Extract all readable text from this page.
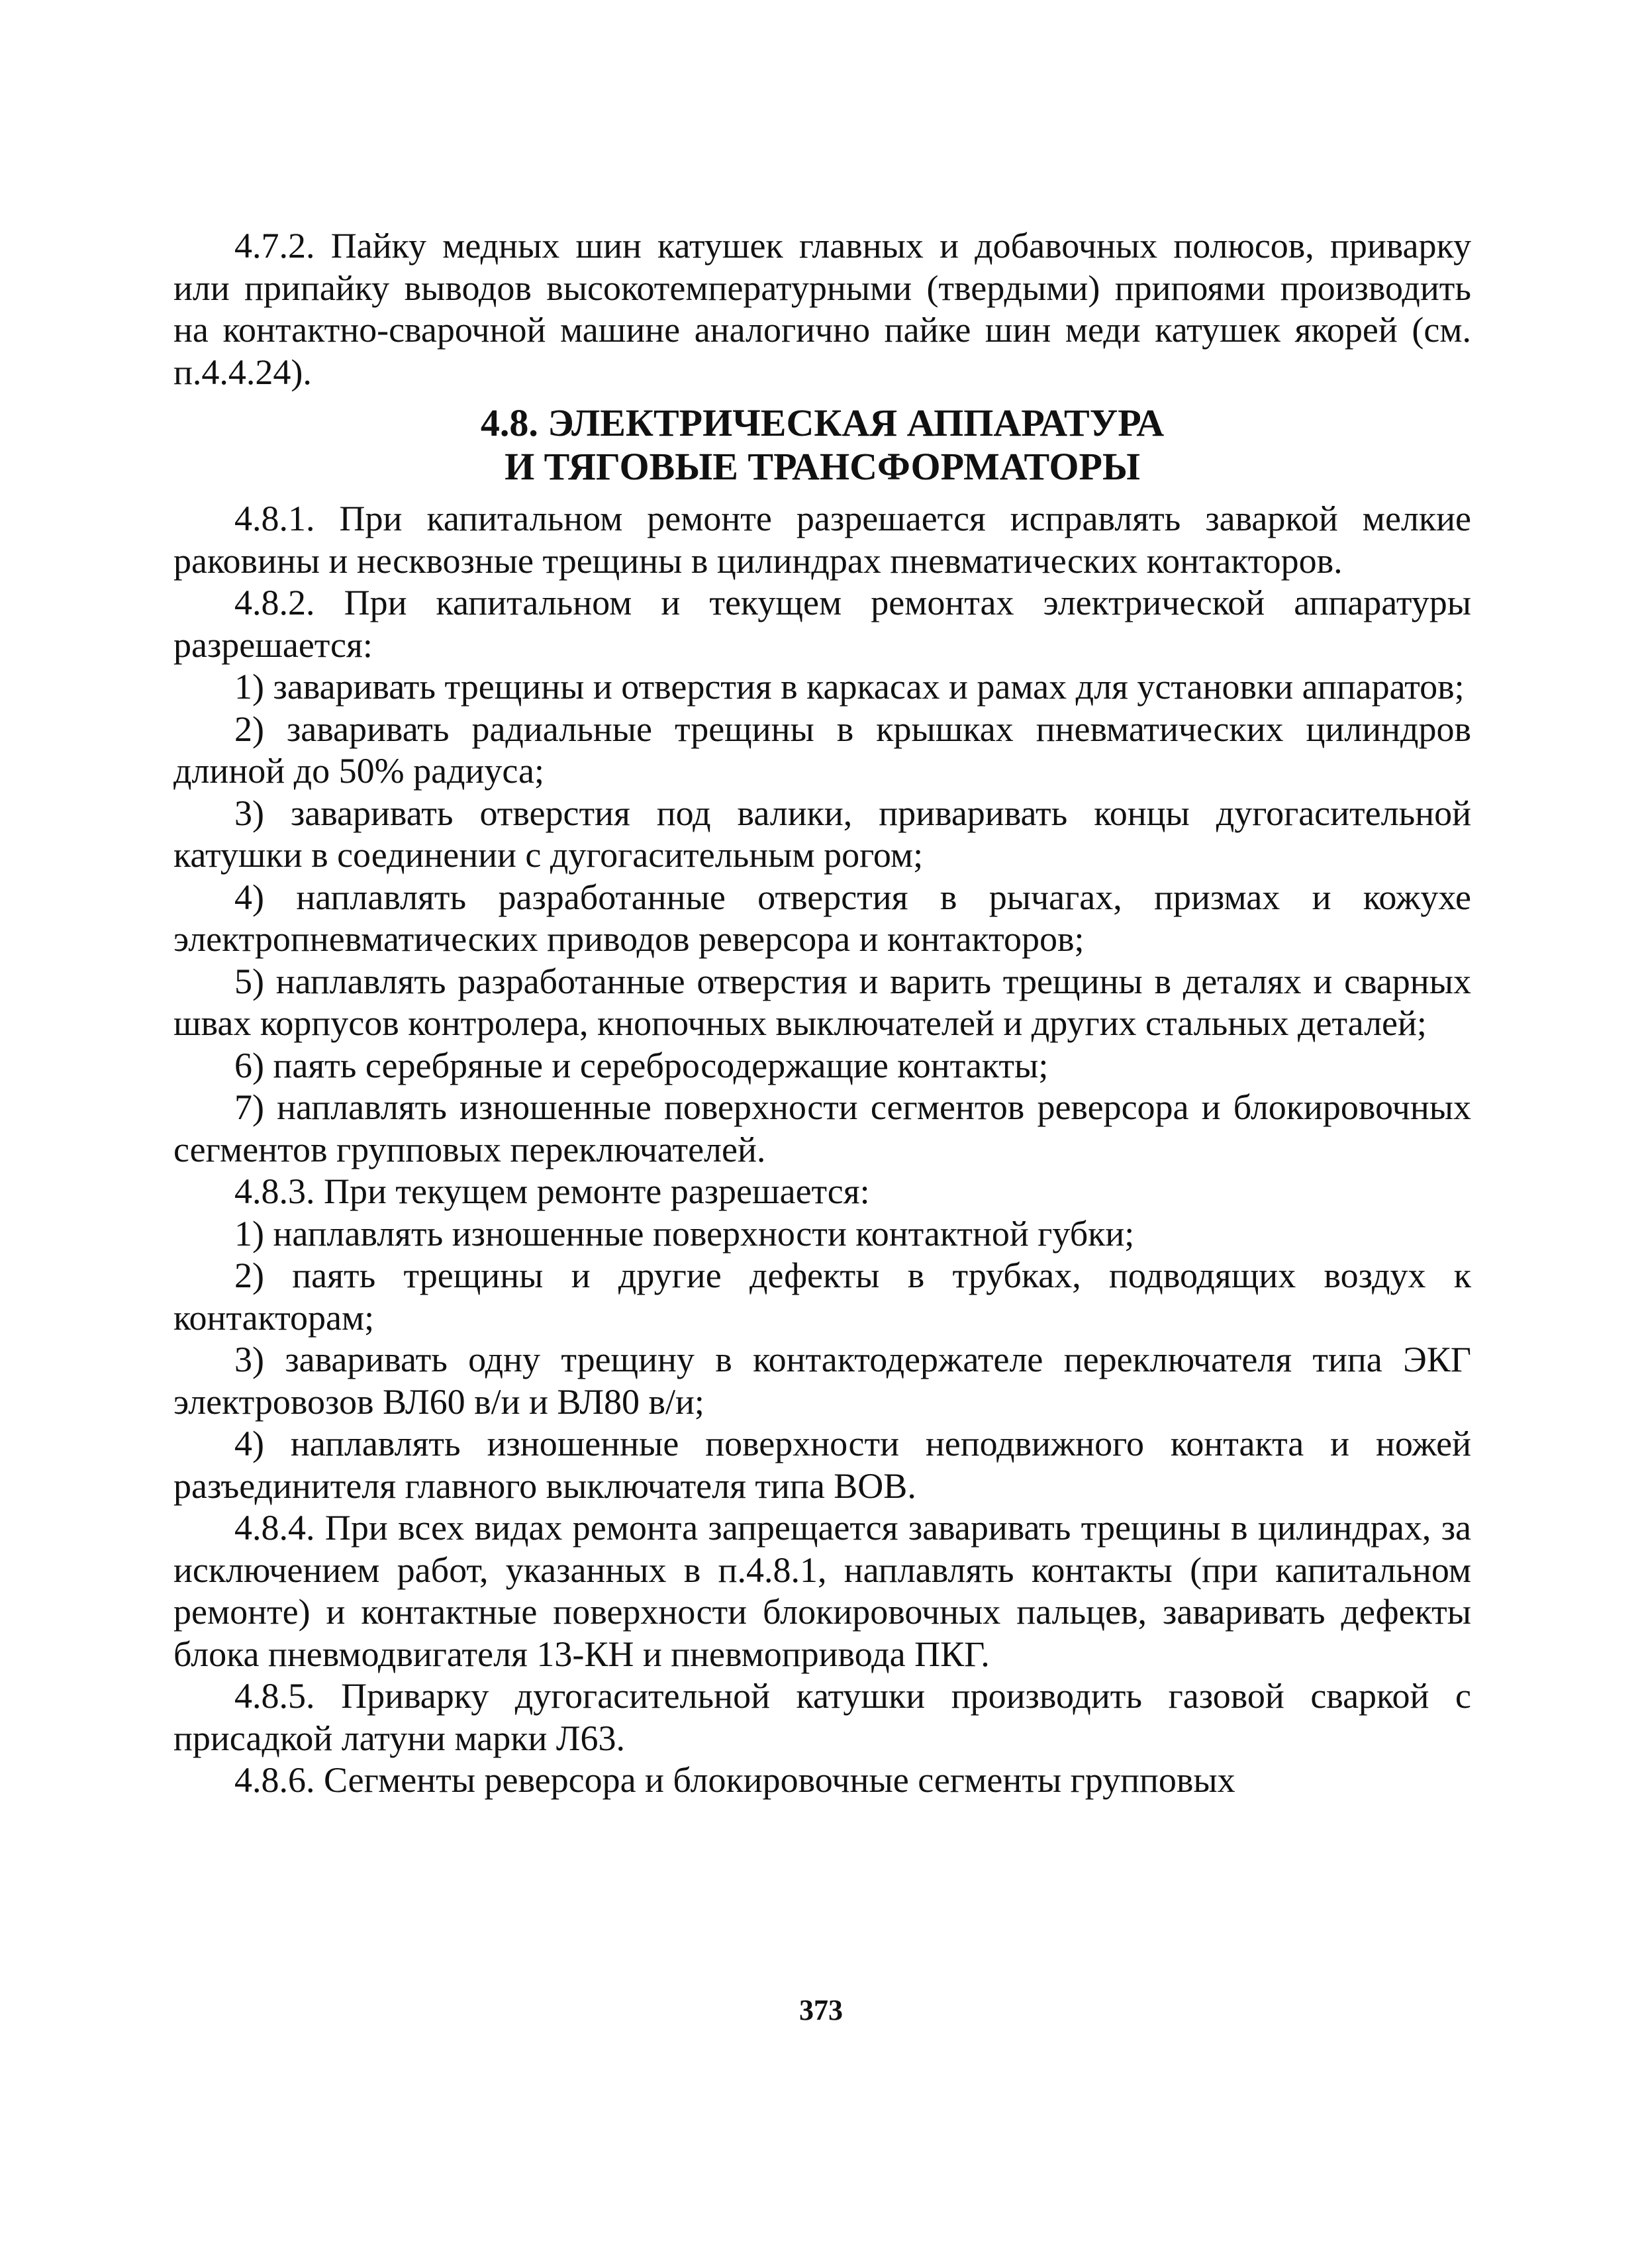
4.7.2. Пайку медных шин катушек главных и добавочных полюсов, приварку или припайку выводов высокотемпературными (твердыми) припоями производить на контактно-сварочной машине аналогично пайке шин меди катушек якорей (см. п.4.4.24).

4.8. ЭЛЕКТРИЧЕСКАЯ АППАРАТУРА
И ТЯГОВЫЕ ТРАНСФОРМАТОРЫ

4.8.1. При капитальном ремонте разрешается исправлять заваркой мелкие раковины и несквозные трещины в цилиндрах пневматических контакторов.

4.8.2. При капитальном и текущем ремонтах электрической аппаратуры разрешается:

1) заваривать трещины и отверстия в каркасах и рамах для установки аппаратов;

2) заваривать радиальные трещины в крышках пневматических цилиндров длиной до 50% радиуса;

3) заваривать отверстия под валики, приваривать концы дугогасительной катушки в соединении с дугогасительным рогом;

4) наплавлять разработанные отверстия в рычагах, призмах и кожухе электропневматических приводов реверсора и контакторов;

5) наплавлять разработанные отверстия и варить трещины в деталях и сварных швах корпусов контролера, кнопочных выключателей и других стальных деталей;

6) паять серебряные и серебросодержащие контакты;

7) наплавлять изношенные поверхности сегментов реверсора и блокировочных сегментов групповых переключателей.

4.8.3. При текущем ремонте разрешается:

1) наплавлять изношенные поверхности контактной губки;

2) паять трещины и другие дефекты в трубках, подводящих воздух к контакторам;

3) заваривать одну трещину в контактодержателе переключателя типа ЭКГ электровозов ВЛ60 в/и и ВЛ80 в/и;

4) наплавлять изношенные поверхности неподвижного контакта и ножей разъединителя главного выключателя типа ВОВ.

4.8.4. При всех видах ремонта запрещается заваривать трещины в цилиндрах, за исключением работ, указанных в п.4.8.1, наплавлять контакты (при капитальном ремонте) и контактные поверхности блокировочных пальцев, заваривать дефекты блока пневмодвигателя 13-КН и пневмопривода ПКГ.

4.8.5. Приварку дугогасительной катушки производить газовой сваркой с присадкой латуни марки Л63.

4.8.6. Сегменты реверсора и блокировочные сегменты групповых

373
